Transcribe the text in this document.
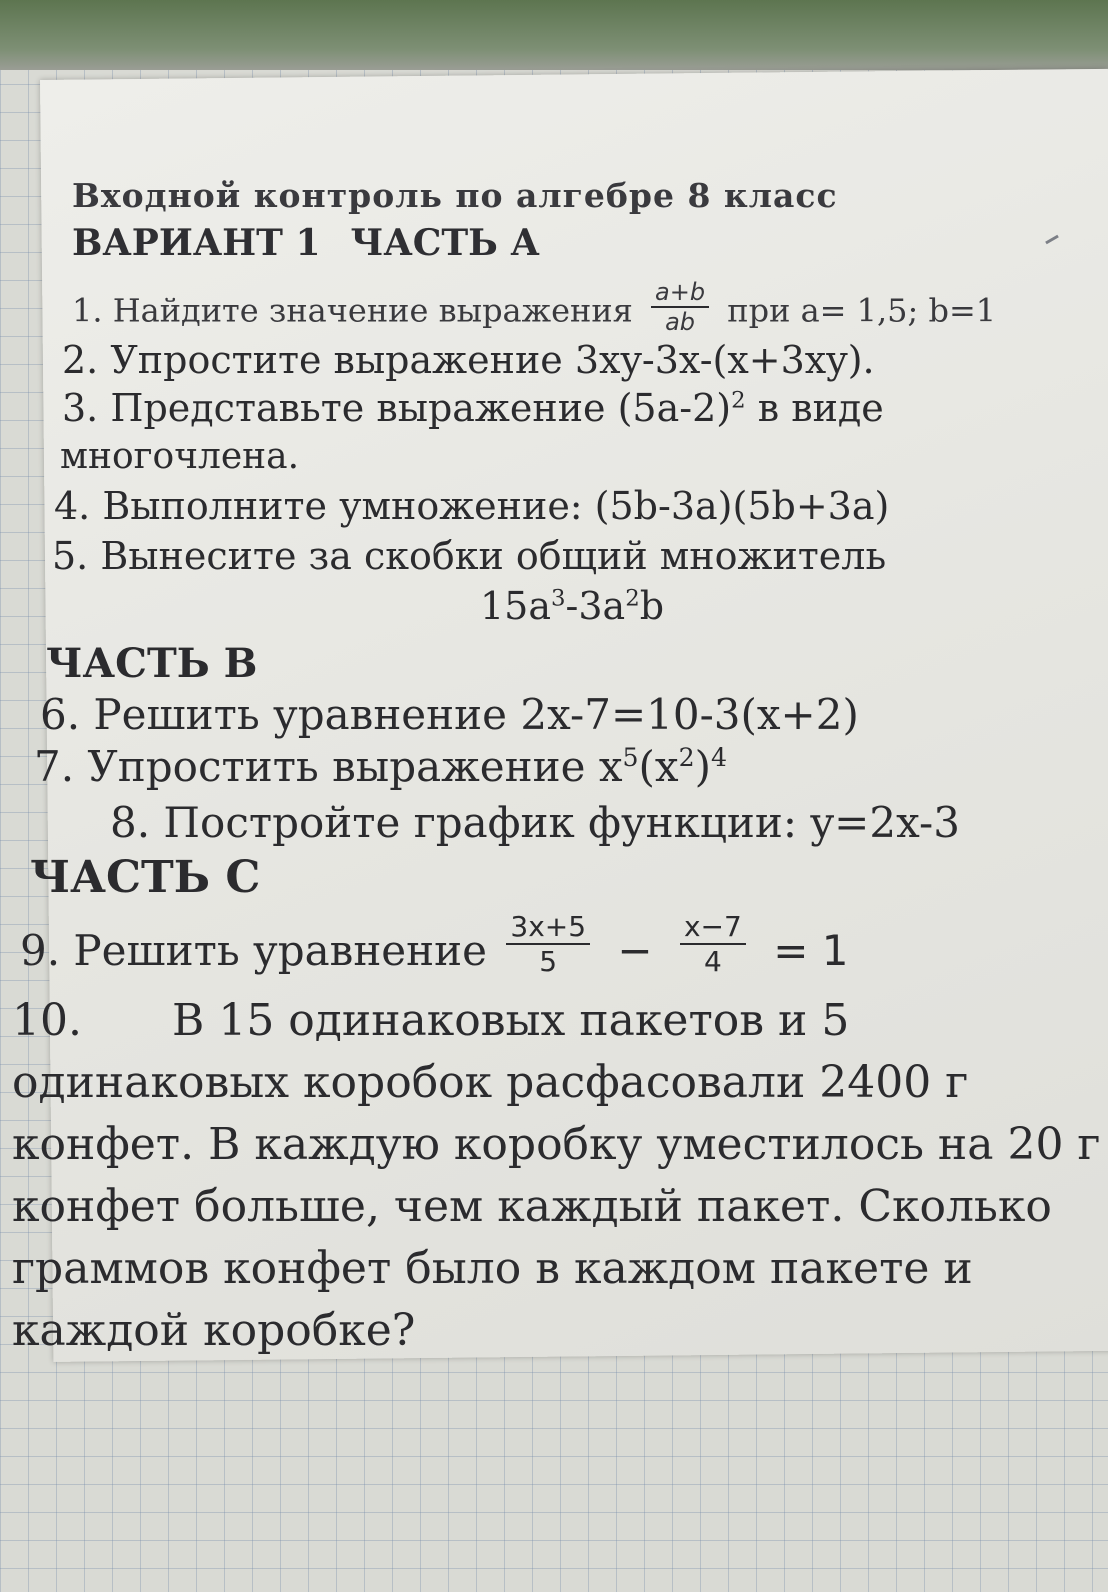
Входной контроль по алгебре 8 класс
ВАРИАНТ 1 ЧАСТЬ А
1. Найдите значение выражения $\frac{a+b}{ab}$ при a= 1,5; b=1
2. Упростите выражение 3xy-3x-(x+3xy).
3. Представьте выражение $(5a-2)^2$ в виде
многочлена.
4. Выполните умножение: (5b-3a)(5b+3a)
5. Вынесите за скобки общий множитель
$15a^3-3a^2b$
ЧАСТЬ В
6. Решить уравнение 2x-7=10-3(x+2)
7. Упростить выражение $x^5(x^2)^4$
8. Постройте график функции: y=2x-3
ЧАСТЬ С
9. Решить уравнение $\frac{3x+5}{5} - \frac{x-7}{4} = 1$
10. В 15 одинаковых пакетов и 5 одинаковых коробок расфасовали 2400 г конфет. В каждую коробку уместилось на 20 г конфет больше, чем каждый пакет. Сколько граммов конфет было в каждом пакете и каждой коробке?
